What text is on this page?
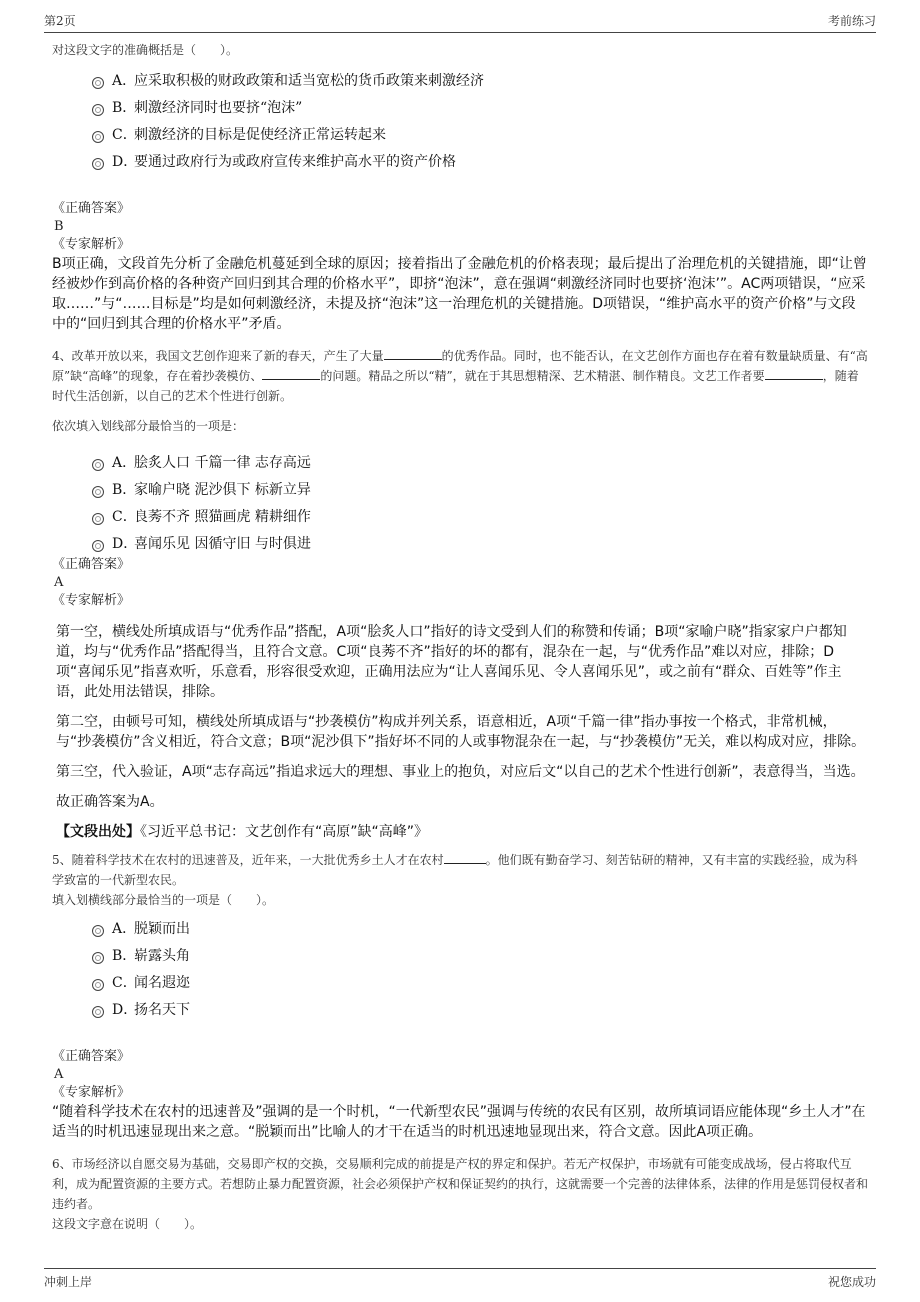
第2页	考前练习

对这段文字的准确概括是（　　）。

A．
应采取积极的财政政策和适当宽松的货币政策来刺激经济
B．
刺激经济同时也要挤“泡沫”
C．
刺激经济的目标是促使经济正常运转起来
D．
要通过政府行为或政府宣传来维护高水平的资产价格

《正确答案》

B

《专家解析》

B项正确，文段首先分析了金融危机蔓延到全球的原因；接着指出了金融危机的价格表现；最后提出了治理危机的关键措施，即“让曾经被炒作到高价格的各种资产回归到其合理的价格水平”，即挤“泡沫”，意在强调“刺激经济同时也要挤‘泡沫’”。AC两项错误，“应采取……”与“……目标是”均是如何刺激经济，未提及挤“泡沫”这一治理危机的关键措施。D项错误，“维护高水平的资产价格”与文段中的“回归到其合理的价格水平”矛盾。

4、改革开放以来，我国文艺创作迎来了新的春天，产生了大量	的优秀作品。同时，也不能否认，在文艺创作方面也存在着有数量缺质量、有“高原”缺“高峰”的现象，存在着抄袭模仿、	的问题。精品之所以“精”，就在于其思想精深、艺术精湛、制作精良。文艺工作者要	，随着时代生活创新，以自己的艺术个性进行创新。

依次填入划线部分最恰当的一项是：

A．
脍炙人口 千篇一律 志存高远
B．
家喻户晓 泥沙俱下 标新立异
C．
良莠不齐 照猫画虎 精耕细作
D．
喜闻乐见 因循守旧 与时俱进

《正确答案》

A

《专家解析》

第一空，横线处所填成语与“优秀作品”搭配，A项“脍炙人口”指好的诗文受到人们的称赞和传诵；B项“家喻户晓”指家家户户都知道，均与“优秀作品”搭配得当，且符合文意。C项“良莠不齐”指好的坏的都有，混杂在一起，与“优秀作品”难以对应，排除；D项“喜闻乐见”指喜欢听，乐意看，形容很受欢迎，正确用法应为“让人喜闻乐见、令人喜闻乐见”，或之前有“群众、百姓等”作主语，此处用法错误，排除。

第二空，由顿号可知，横线处所填成语与“抄袭模仿”构成并列关系，语意相近，A项“千篇一律”指办事按一个格式，非常机械，与“抄袭模仿”含义相近，符合文意；B项“泥沙俱下”指好坏不同的人或事物混杂在一起，与“抄袭模仿”无关，难以构成对应，排除。

第三空，代入验证，A项“志存高远”指追求远大的理想、事业上的抱负，对应后文“以自己的艺术个性进行创新”，表意得当，当选。

故正确答案为A。

【文段出处】《习近平总书记：文艺创作有“高原”缺“高峰”》

5、随着科学技术在农村的迅速普及，近年来，一大批优秀乡土人才在农村	。他们既有勤奋学习、刻苦钻研的精神，又有丰富的实践经验，成为科学致富的一代新型农民。

填入划横线部分最恰当的一项是（　　）。

A．
脱颖而出
B．
崭露头角
C．
闻名遐迩
D．
扬名天下

《正确答案》

A

《专家解析》

“随着科学技术在农村的迅速普及”强调的是一个时机，“一代新型农民”强调与传统的农民有区别，故所填词语应能体现“乡土人才”在适当的时机迅速显现出来之意。“脱颖而出”比喻人的才干在适当的时机迅速地显现出来，符合文意。因此A项正确。

6、市场经济以自愿交易为基础，交易即产权的交换，交易顺利完成的前提是产权的界定和保护。若无产权保护，市场就有可能变成战场，侵占将取代互利，成为配置资源的主要方式。若想防止暴力配置资源，社会必须保护产权和保证契约的执行，这就需要一个完善的法律体系，法律的作用是惩罚侵权者和违约者。

这段文字意在说明（　　）。

冲刺上岸	祝您成功
